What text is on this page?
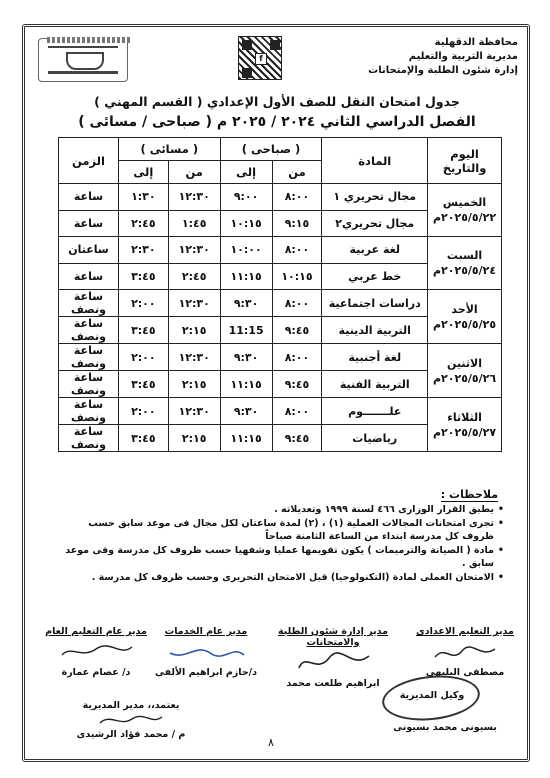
محافظة الدقهلية
مديرية التربية والتعليم
إدارة شئون الطلبة والإمتحانات
f
جدول امتحان النقل للصف الأول الإعدادي ( القسم المهني )
الفصل الدراسي الثاني ٢٠٢٤ / ٢٠٢٥ م ( صباحى / مسائى )
اليوم والتاريخ	المادة	( صباحى )		( مسائى )		الزمن
		من	إلى	من	إلى	

الخميس
٢٠٢٥/٥/٢٢م	مجال تحريري ١	٨:٠٠	٩:٠٠	١٢:٣٠	١:٣٠	ساعة
	مجال تحريري٢	٩:١٥	١٠:١٥	١:٤٥	٢:٤٥	ساعة

السبت
٢٠٢٥/٥/٢٤م	لغة عربية	٨:٠٠	١٠:٠٠	١٢:٣٠	٢:٣٠	ساعتان
	خط عربي	١٠:١٥	١١:١٥	٢:٤٥	٣:٤٥	ساعة

الأحد
٢٠٢٥/٥/٢٥م	دراسات اجتماعية	٨:٠٠	٩:٣٠	١٢:٣٠	٢:٠٠	ساعة ونصف
	التربية الدينية	٩:٤٥	11:15	٢:١٥	٣:٤٥	ساعة ونصف

الاثنين
٢٠٢٥/٥/٢٦م	لغة أجنبية	٨:٠٠	٩:٣٠	١٢:٣٠	٢:٠٠	ساعة ونصف
	التربية الفنية	٩:٤٥	١١:١٥	٢:١٥	٣:٤٥	ساعة ونصف

الثلاثاء
٢٠٢٥/٥/٢٧م	علـــــــوم	٨:٠٠	٩:٣٠	١٢:٣٠	٢:٠٠	ساعة ونصف
	رياضيات	٩:٤٥	١١:١٥	٢:١٥	٣:٤٥	ساعة ونصف
ملاحظات :
• يطبق القرار الوزارى ٤٦٦ لسنة ١٩٩٩ وتعديلاته .
• تجرى امتحانات المجالات العملية (١) ، (٢) لمدة ساعتان لكل مجال فى موعد سابق حسب ظروف كل مدرسة ابتداء من الساعة الثامنة صباحاً
• مادة ( الصيانة والترميمات ) يكون تقويمها عمليا وشفهيا حسب ظروف كل مدرسة وفى موعد سابق .
• الامتحان العملى لمادة (التكنولوجيا) قبل الامتحان التحريرى وحسب ظروف كل مدرسة .
مدير التعليم الاعدادى
مصطفى البليهى
مدير إدارة شئون الطلبة والامتحانات
ابراهيم طلعت محمد
مدير عام الخدمات
د/حازم ابراهيم الألفى
مدير عام التعليم العام
د/ عصام عمارة
وكيل المديرية
بسيونى محمد بسيونى
يعتمد،، مدير المديرية
م / محمد فؤاد الرشيدى
٨
